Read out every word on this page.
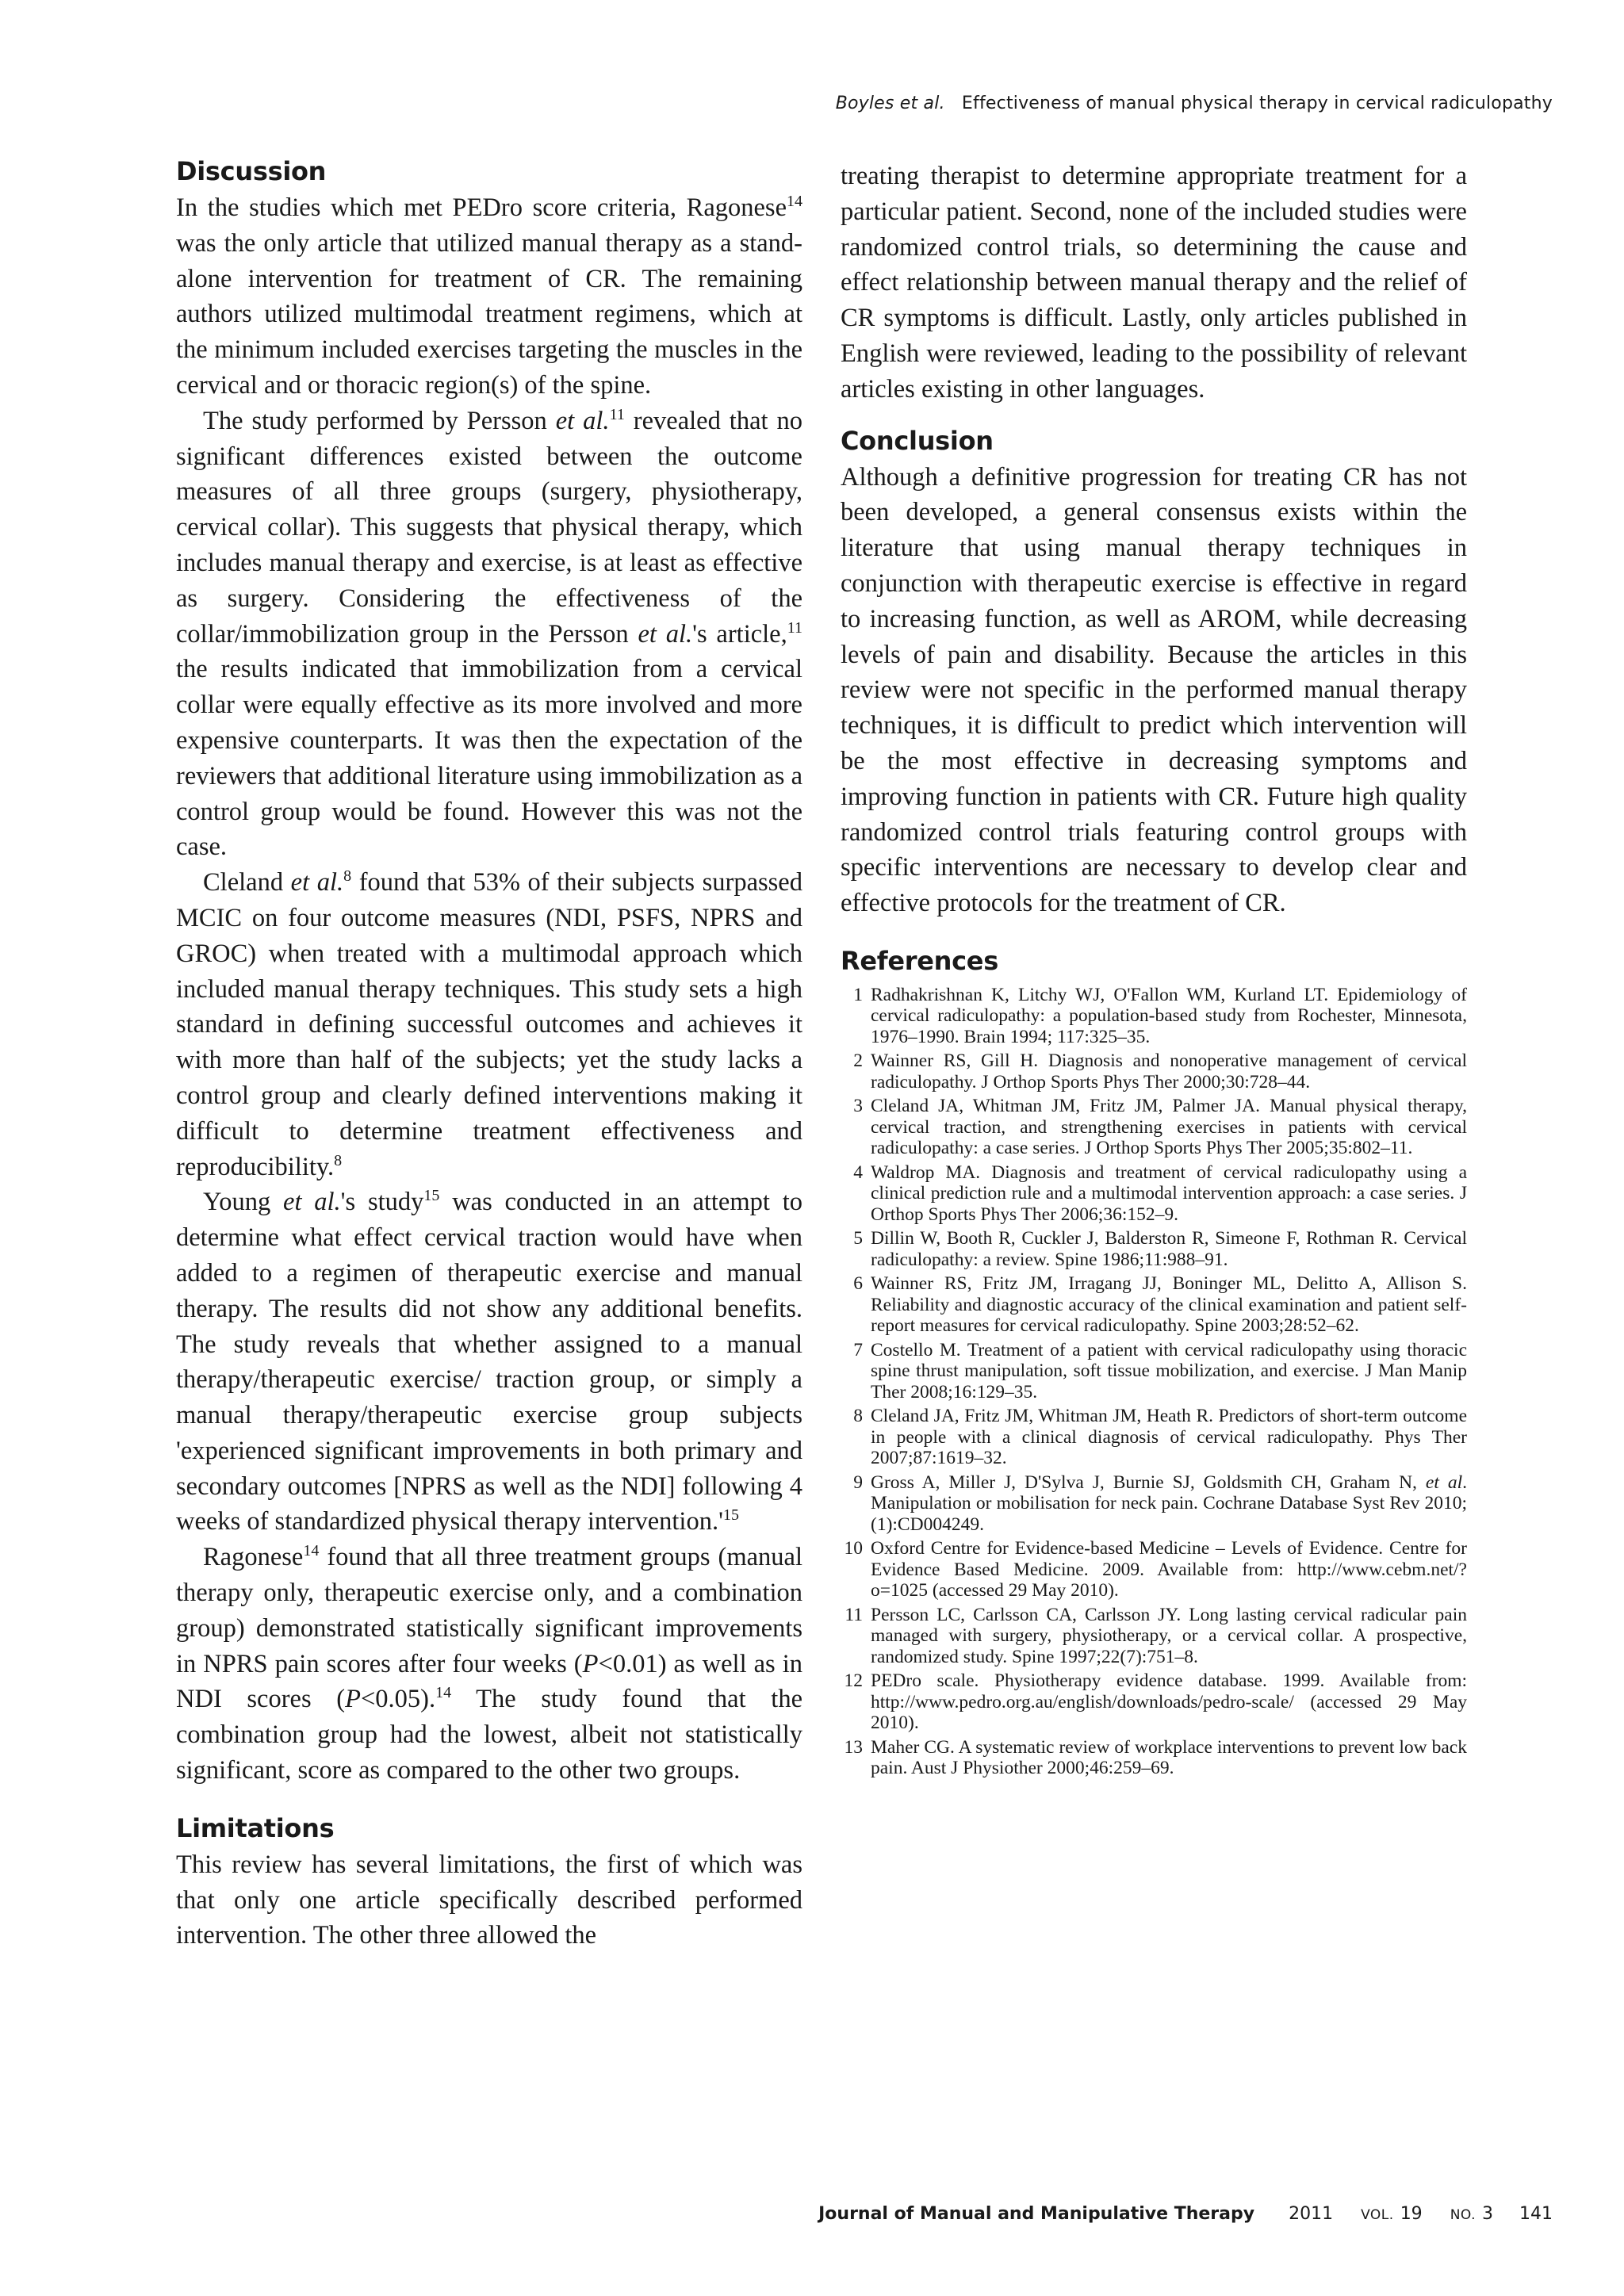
Boyles et al. Effectiveness of manual physical therapy in cervical radiculopathy
Discussion

In the studies which met PEDro score criteria, Ragonese$^{14}$ was the only article that utilized manual therapy as a stand-alone intervention for treatment of CR. The remaining authors utilized multimodal treatment regimens, which at the minimum included exercises targeting the muscles in the cervical and or thoracic region(s) of the spine.

The study performed by Persson et al.$^{11}$ revealed that no significant differences existed between the outcome measures of all three groups (surgery, physiotherapy, cervical collar). This suggests that physical therapy, which includes manual therapy and exercise, is at least as effective as surgery. Considering the effectiveness of the collar/immobilization group in the Persson et al.'s article,$^{11}$ the results indicated that immobilization from a cervical collar were equally effective as its more involved and more expensive counterparts. It was then the expectation of the reviewers that additional literature using immobilization as a control group would be found. However this was not the case.

Cleland et al.$^8$ found that 53% of their subjects surpassed MCIC on four outcome measures (NDI, PSFS, NPRS and GROC) when treated with a multimodal approach which included manual therapy techniques. This study sets a high standard in defining successful outcomes and achieves it with more than half of the subjects; yet the study lacks a control group and clearly defined interventions making it difficult to determine treatment effectiveness and reproducibility.$^8$

Young et al.'s study$^{15}$ was conducted in an attempt to determine what effect cervical traction would have when added to a regimen of therapeutic exercise and manual therapy. The results did not show any additional benefits. The study reveals that whether assigned to a manual therapy/therapeutic exercise/ traction group, or simply a manual therapy/therapeutic exercise group subjects 'experienced significant improvements in both primary and secondary outcomes [NPRS as well as the NDI] following 4 weeks of standardized physical therapy $intervention.'^{15}$

Ragonese$^{14}$ found that all three treatment groups (manual therapy only, therapeutic exercise only, and a combination group) demonstrated statistically significant improvements in NPRS pain scores after four weeks (P<0.01) as well as in NDI scores (P<0.05).$^{14}$ The study found that the combination group had the lowest, albeit not statistically significant, score as compared to the other two groups.

Limitations

This review has several limitations, the first of which was that only one article specifically described performed intervention. The other three allowed the

treating therapist to determine appropriate treatment for a particular patient. Second, none of the included studies were randomized control trials, so determining the cause and effect relationship between manual therapy and the relief of CR symptoms is difficult. Lastly, only articles published in English were reviewed, leading to the possibility of relevant articles existing in other languages.

Conclusion

Although a definitive progression for treating CR has not been developed, a general consensus exists within the literature that using manual therapy techniques in conjunction with therapeutic exercise is effective in regard to increasing function, as well as AROM, while decreasing levels of pain and disability. Because the articles in this review were not specific in the performed manual therapy techniques, it is difficult to predict which intervention will be the most effective in decreasing symptoms and improving function in patients with CR. Future high quality randomized control trials featuring control groups with specific interventions are necessary to develop clear and effective protocols for the treatment of CR.

References
1 Radhakrishnan K, Litchy WJ, O'Fallon WM, Kurland LT. Epidemiology of cervical radiculopathy: a population-based study from Rochester, Minnesota, 1976–1990. Brain 1994; 117:325–35.
2 Wainner RS, Gill H. Diagnosis and nonoperative management of cervical radiculopathy. J Orthop Sports Phys Ther 2000;30:728–44.
3 Cleland JA, Whitman JM, Fritz JM, Palmer JA. Manual physical therapy, cervical traction, and strengthening exercises in patients with cervical radiculopathy: a case series. J Orthop Sports Phys Ther 2005;35:802–11.
4 Waldrop MA. Diagnosis and treatment of cervical radiculopathy using a clinical prediction rule and a multimodal intervention approach: a case series. J Orthop Sports Phys Ther 2006;36:152–9.
5 Dillin W, Booth R, Cuckler J, Balderston R, Simeone F, Rothman R. Cervical radiculopathy: a review. Spine 1986;11:988–91.
6 Wainner RS, Fritz JM, Irragang JJ, Boninger ML, Delitto A, Allison S. Reliability and diagnostic accuracy of the clinical examination and patient self-report measures for cervical radiculopathy. Spine 2003;28:52–62.
7 Costello M. Treatment of a patient with cervical radiculopathy using thoracic spine thrust manipulation, soft tissue mobilization, and exercise. J Man Manip Ther 2008;16:129–35.
8 Cleland JA, Fritz JM, Whitman JM, Heath R. Predictors of short-term outcome in people with a clinical diagnosis of cervical radiculopathy. Phys Ther 2007;87:1619–32.
9 Gross A, Miller J, D'Sylva J, Burnie SJ, Goldsmith CH, Graham N, et al. Manipulation or mobilisation for neck pain. Cochrane Database Syst Rev 2010;(1):CD004249.
10 Oxford Centre for Evidence-based Medicine – Levels of Evidence. Centre for Evidence Based Medicine. 2009. Available from: http://www.cebm.net/?o=1025 (accessed 29 May 2010).
11 Persson LC, Carlsson CA, Carlsson JY. Long lasting cervical radicular pain managed with surgery, physiotherapy, or a cervical collar. A prospective, randomized study. Spine 1997;22(7):751–8.
12 PEDro scale. Physiotherapy evidence database. 1999. Available from: http://www.pedro.org.au/english/downloads/pedro-scale/ (accessed 29 May 2010).
13 Maher CG. A systematic review of workplace interventions to prevent low back pain. Aust J Physiother 2000;46:259–69.
Journal of Manual and Manipulative Therapy 2011 VOL. 19 NO. 3 141
